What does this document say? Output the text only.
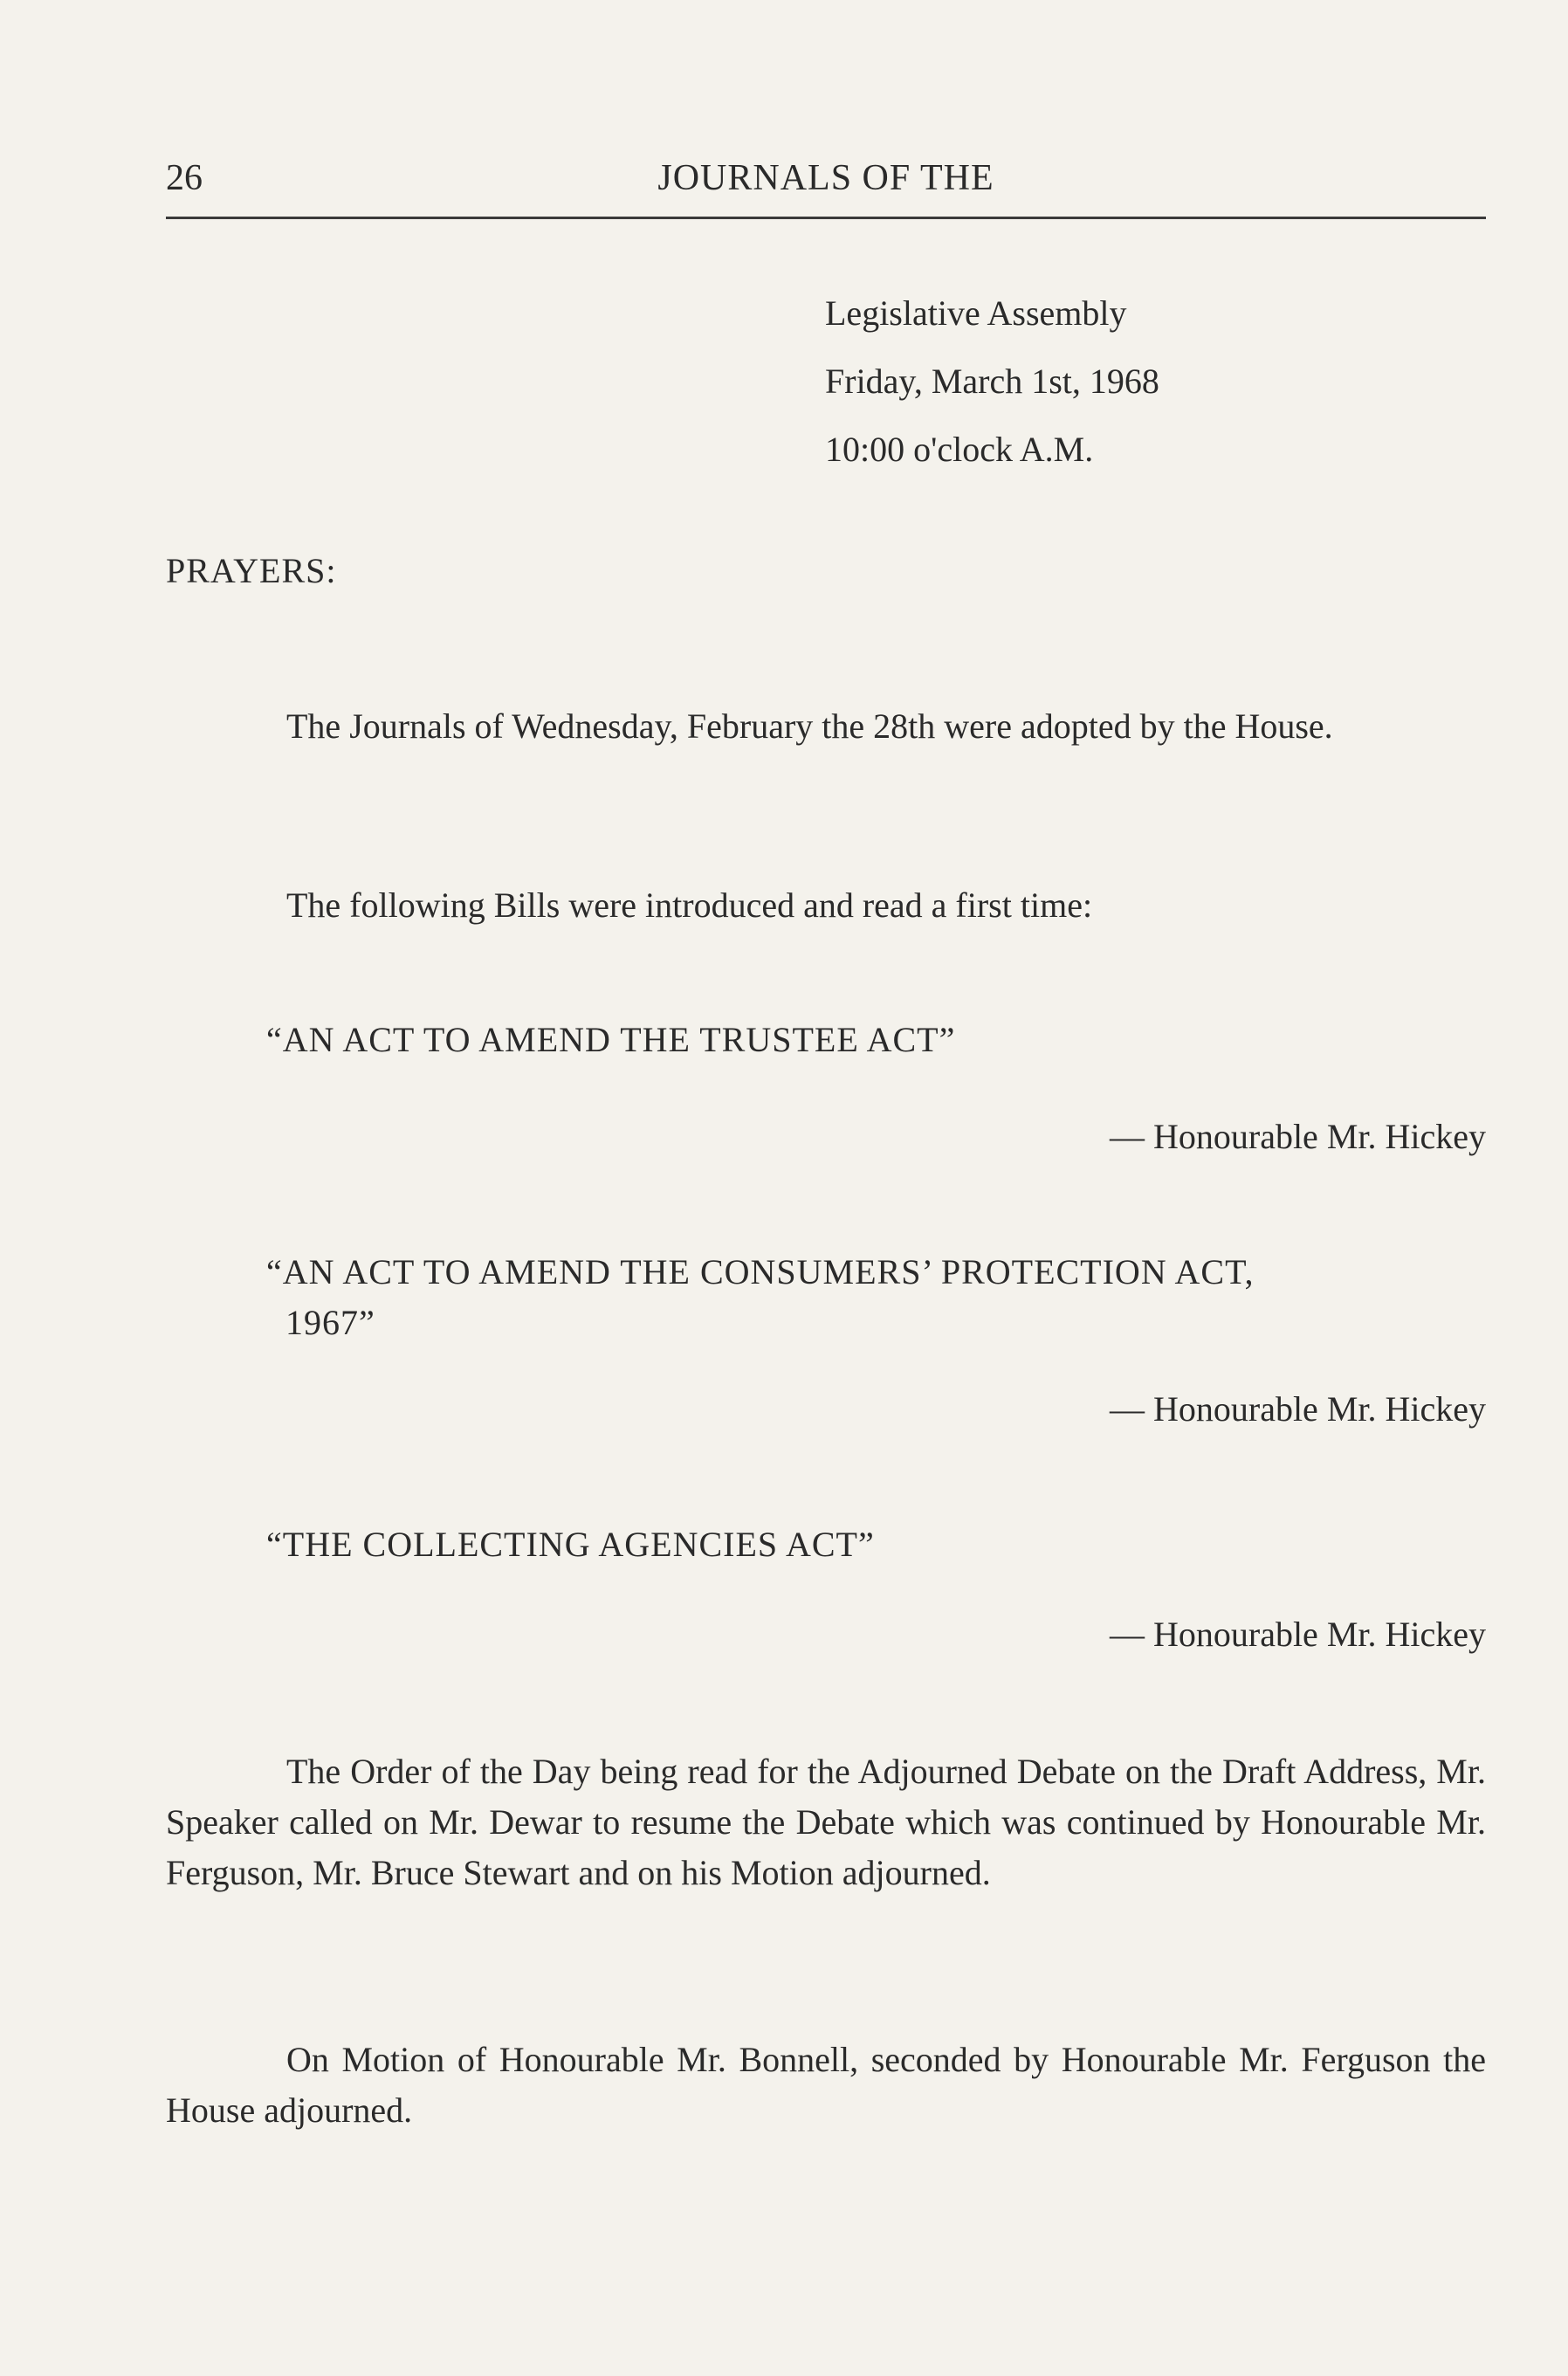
26	JOURNALS OF THE
Legislative Assembly
Friday, March 1st, 1968
10:00 o'clock A.M.
PRAYERS:
The Journals of Wednesday, February the 28th were adopted by the House.
The following Bills were introduced and read a first time:
“AN ACT TO AMEND THE TRUSTEE ACT”
— Honourable Mr. Hickey
“AN ACT TO AMEND THE CONSUMERS’ PROTECTION ACT,
1967”
— Honourable Mr. Hickey
“THE COLLECTING AGENCIES ACT”
— Honourable Mr. Hickey
The Order of the Day being read for the Adjourned Debate on the Draft Address, Mr. Speaker called on Mr. Dewar to resume the Debate which was continued by Honourable Mr. Ferguson, Mr. Bruce Stewart and on his Motion adjourned.
On Motion of Honourable Mr. Bonnell, seconded by Honourable Mr. Ferguson the House adjourned.
